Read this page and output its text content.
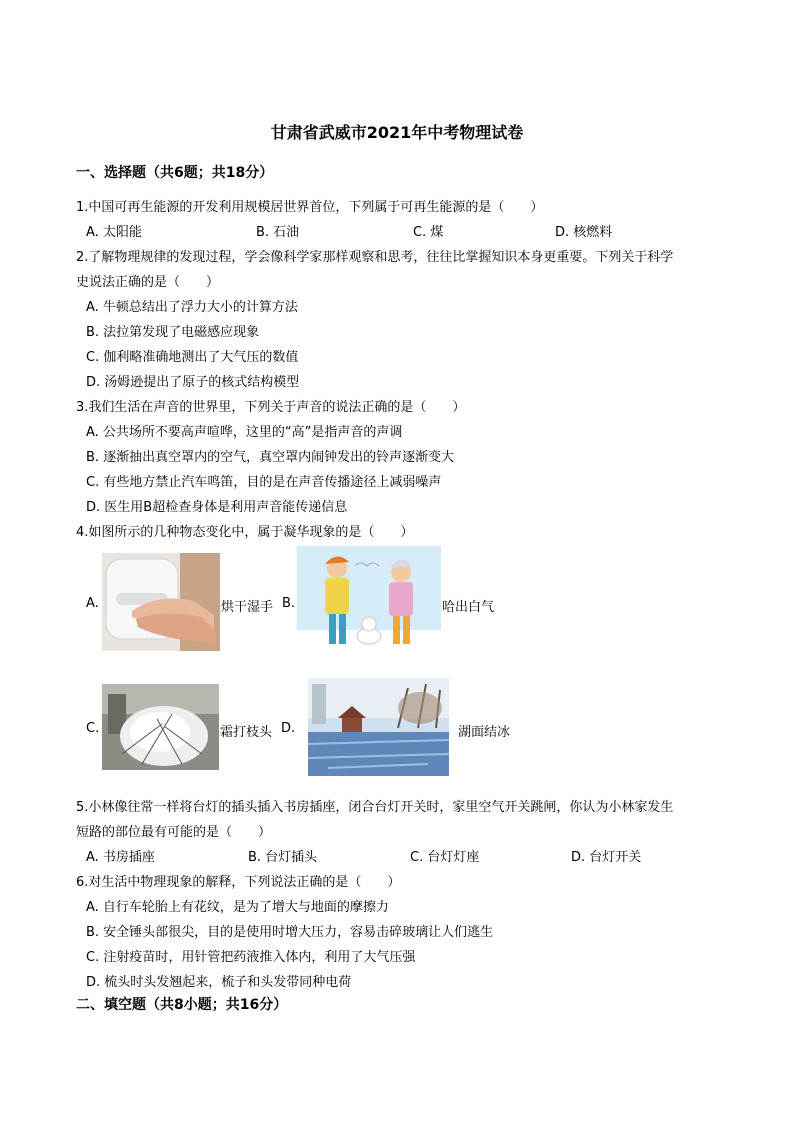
甘肃省武威市2021年中考物理试卷
一、选择题（共6题；共18分）
1.中国可再生能源的开发利用规模居世界首位，下列属于可再生能源的是（　　）
A. 太阳能	B. 石油	C. 煤	D. 核燃料
2.了解物理规律的发现过程，学会像科学家那样观察和思考，往往比掌握知识本身更重要。下列关于科学
史说法正确的是（　　）
A. 牛顿总结出了浮力大小的计算方法
B. 法拉第发现了电磁感应现象
C. 伽利略准确地测出了大气压的数值
D. 汤姆逊提出了原子的核式结构模型
3.我们生活在声音的世界里，下列关于声音的说法正确的是（　　）
A. 公共场所不要高声喧哗，这里的“高”是指声音的声调
B. 逐渐抽出真空罩内的空气，真空罩内闹钟发出的铃声逐渐变大
C. 有些地方禁止汽车鸣笛，目的是在声音传播途径上减弱噪声
D. 医生用B超检查身体是利用声音能传递信息
4.如图所示的几种物态变化中，属于凝华现象的是（　　）
A.	烘干湿手 B.	哈出白气
C.	霜打枝头 D.	湖面结冰
5.小林像往常一样将台灯的插头插入书房插座，闭合台灯开关时，家里空气开关跳闸，你认为小林家发生
短路的部位最有可能的是（　　）
A. 书房插座	B. 台灯插头	C. 台灯灯座	D. 台灯开关
6.对生活中物理现象的解释，下列说法正确的是（　　）
A. 自行车轮胎上有花纹，是为了增大与地面的摩擦力
B. 安全锤头部很尖，目的是使用时增大压力，容易击碎玻璃让人们逃生
C. 注射疫苗时，用针管把药液推入体内，利用了大气压强
D. 梳头时头发翘起来，梳子和头发带同种电荷
二、填空题（共8小题；共16分）
